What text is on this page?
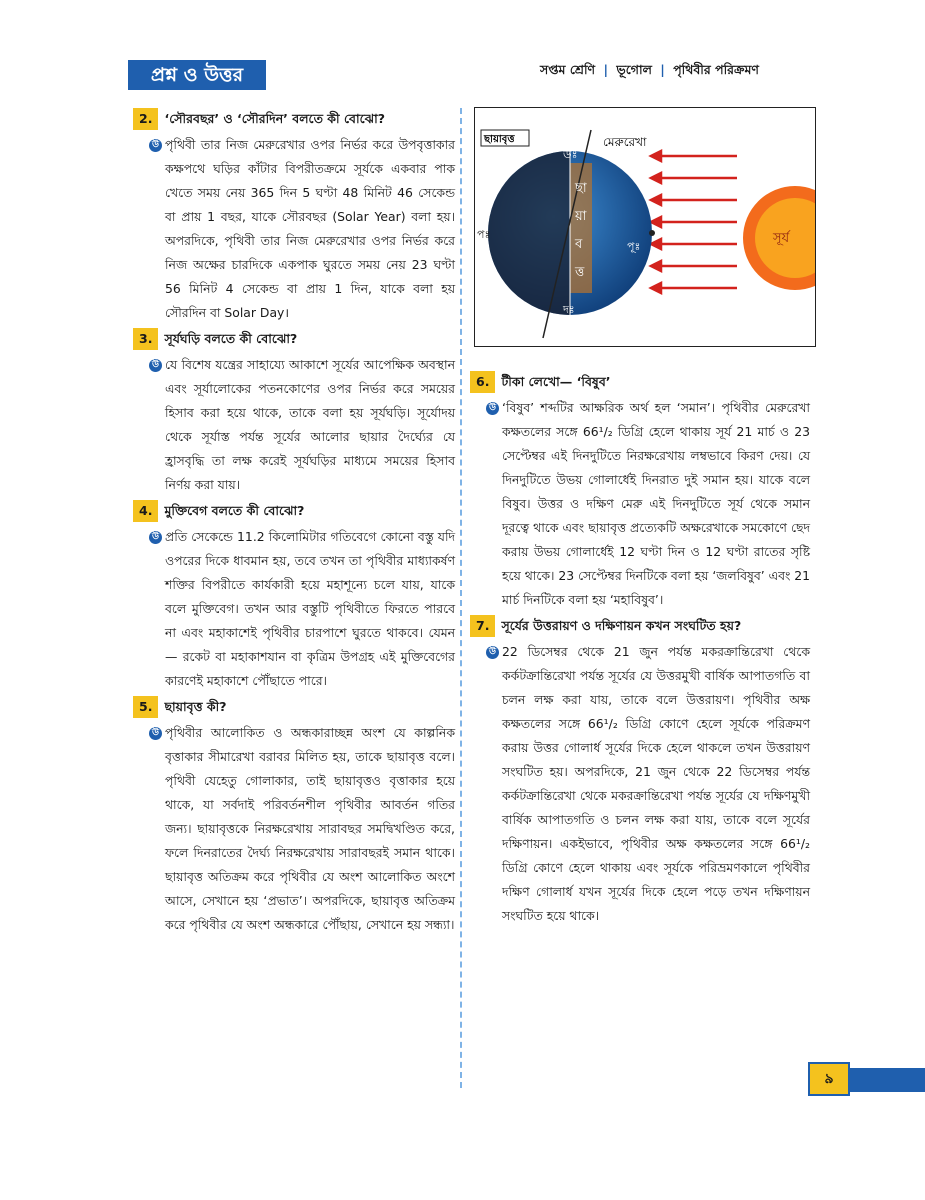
প্রশ্ন ও উত্তর	সপ্তম শ্রেণি | ভূগোল | পৃথিবীর পরিক্রমণ
2. ‘সৌরবছর’ ও ‘সৌরদিন’ বলতে কী বোঝো?
উ পৃথিবী তার নিজ মেরুরেখার ওপর নির্ভর করে উপবৃত্তাকার কক্ষপথে ঘড়ির কাঁটার বিপরীতক্রমে সূর্যকে একবার পাক খেতে সময় নেয় 365 দিন 5 ঘণ্টা 48 মিনিট 46 সেকেন্ড বা প্রায় 1 বছর, যাকে সৌরবছর (Solar Year) বলা হয়। অপরদিকে, পৃথিবী তার নিজ মেরুরেখার ওপর নির্ভর করে নিজ অক্ষের চারদিকে একপাক ঘুরতে সময় নেয় 23 ঘণ্টা 56 মিনিট 4 সেকেন্ড বা প্রায় 1 দিন, যাকে বলা হয় সৌরদিন বা Solar Day।

3. সূর্যঘড়ি বলতে কী বোঝো?
উ যে বিশেষ যন্ত্রের সাহায্যে আকাশে সূর্যের আপেক্ষিক অবস্থান এবং সূর্যালোকের পতনকোণের ওপর নির্ভর করে সময়ের হিসাব করা হয়ে থাকে, তাকে বলা হয় সূর্যঘড়ি। সূর্যোদয় থেকে সূর্যাস্ত পর্যন্ত সূর্যের আলোর ছায়ার দৈর্ঘ্যের যে হ্রাসবৃদ্ধি তা লক্ষ করেই সূর্যঘড়ির মাধ্যমে সময়ের হিসাব নির্ণয় করা যায়।

4. মুক্তিবেগ বলতে কী বোঝো?
উ প্রতি সেকেন্ডে 11.2 কিলোমিটার গতিবেগে কোনো বস্তু যদি ওপরের দিকে ধাবমান হয়, তবে তখন তা পৃথিবীর মাধ্যাকর্ষণ শক্তির বিপরীতে কার্যকারী হয়ে মহাশূন্যে চলে যায়, যাকে বলে মুক্তিবেগ। তখন আর বস্তুটি পৃথিবীতে ফিরতে পারবে না এবং মহাকাশেই পৃথিবীর চারপাশে ঘুরতে থাকবে। যেমন— রকেট বা মহাকাশযান বা কৃত্রিম উপগ্রহ এই মুক্তিবেগের কারণেই মহাকাশে পৌঁছাতে পারে।

5. ছায়াবৃত্ত কী?
উ পৃথিবীর আলোকিত ও অন্ধকারাচ্ছন্ন অংশ যে কাল্পনিক বৃত্তাকার সীমারেখা বরাবর মিলিত হয়, তাকে ছায়াবৃত্ত বলে। পৃথিবী যেহেতু গোলাকার, তাই ছায়াবৃত্তও বৃত্তাকার হয়ে থাকে, যা সর্বদাই পরিবর্তনশীল পৃথিবীর আবর্তন গতির জন্য। ছায়াবৃত্তকে নিরক্ষরেখায় সারাবছর সমদ্বিখণ্ডিত করে, ফলে দিনরাতের দৈর্ঘ্য নিরক্ষরেখায় সারাবছরই সমান থাকে। ছায়াবৃত্ত অতিক্রম করে পৃথিবীর যে অংশ আলোকিত অংশে আসে, সেখানে হয় ‘প্রভাত’। অপরদিকে, ছায়াবৃত্ত অতিক্রম করে পৃথিবীর যে অংশ অন্ধকারে পৌঁছায়, সেখানে হয় সন্ধ্যা।

ছায়াবৃত্ত	মেরুরেখা
উঃ
দঃ
পঃ
পূঃ
সূর্য
ছা
য়া
ব
ত্ত
6. টীকা লেখো— ‘বিষুব’
উ ‘বিষুব’ শব্দটির আক্ষরিক অর্থ হল ‘সমান’। পৃথিবীর মেরুরেখা কক্ষতলের সঙ্গে 66¹/₂ ডিগ্রি হেলে থাকায় সূর্য 21 মার্চ ও 23 সেপ্টেম্বর এই দিনদুটিতে নিরক্ষরেখায় লম্বভাবে কিরণ দেয়। যে দিনদুটিতে উভয় গোলার্ধেই দিনরাত দুই সমান হয়। যাকে বলে বিষুব। উত্তর ও দক্ষিণ মেরু এই দিনদুটিতে সূর্য থেকে সমান দূরত্বে থাকে এবং ছায়াবৃত্ত প্রত্যেকটি অক্ষরেখাকে সমকোণে ছেদ করায় উভয় গোলার্ধেই 12 ঘণ্টা দিন ও 12 ঘণ্টা রাতের সৃষ্টি হয়ে থাকে। 23 সেপ্টেম্বর দিনটিকে বলা হয় ‘জলবিষুব’ এবং 21 মার্চ দিনটিকে বলা হয় ‘মহাবিষুব’।

7. সূর্যের উত্তরায়ণ ও দক্ষিণায়ন কখন সংঘটিত হয়?
উ 22 ডিসেম্বর থেকে 21 জুন পর্যন্ত মকরক্রান্তিরেখা থেকে কর্কটক্রান্তিরেখা পর্যন্ত সূর্যের যে উত্তরমুখী বার্ষিক আপাতগতি বা চলন লক্ষ করা যায়, তাকে বলে উত্তরায়ণ। পৃথিবীর অক্ষ কক্ষতলের সঙ্গে 66¹/₂ ডিগ্রি কোণে হেলে সূর্যকে পরিক্রমণ করায় উত্তর গোলার্ধ সূর্যের দিকে হেলে থাকলে তখন উত্তরায়ণ সংঘটিত হয়। অপরদিকে, 21 জুন থেকে 22 ডিসেম্বর পর্যন্ত কর্কটক্রান্তিরেখা থেকে মকরক্রান্তিরেখা পর্যন্ত সূর্যের যে দক্ষিণমুখী বার্ষিক আপাতগতি ও চলন লক্ষ করা যায়, তাকে বলে সূর্যের দক্ষিণায়ন। একইভাবে, পৃথিবীর অক্ষ কক্ষতলের সঙ্গে 66¹/₂ ডিগ্রি কোণে হেলে থাকায় এবং সূর্যকে পরিভ্রমণকালে পৃথিবীর দক্ষিণ গোলার্ধ যখন সূর্যের দিকে হেলে পড়ে তখন দক্ষিণায়ন সংঘটিত হয়ে থাকে।

৯
